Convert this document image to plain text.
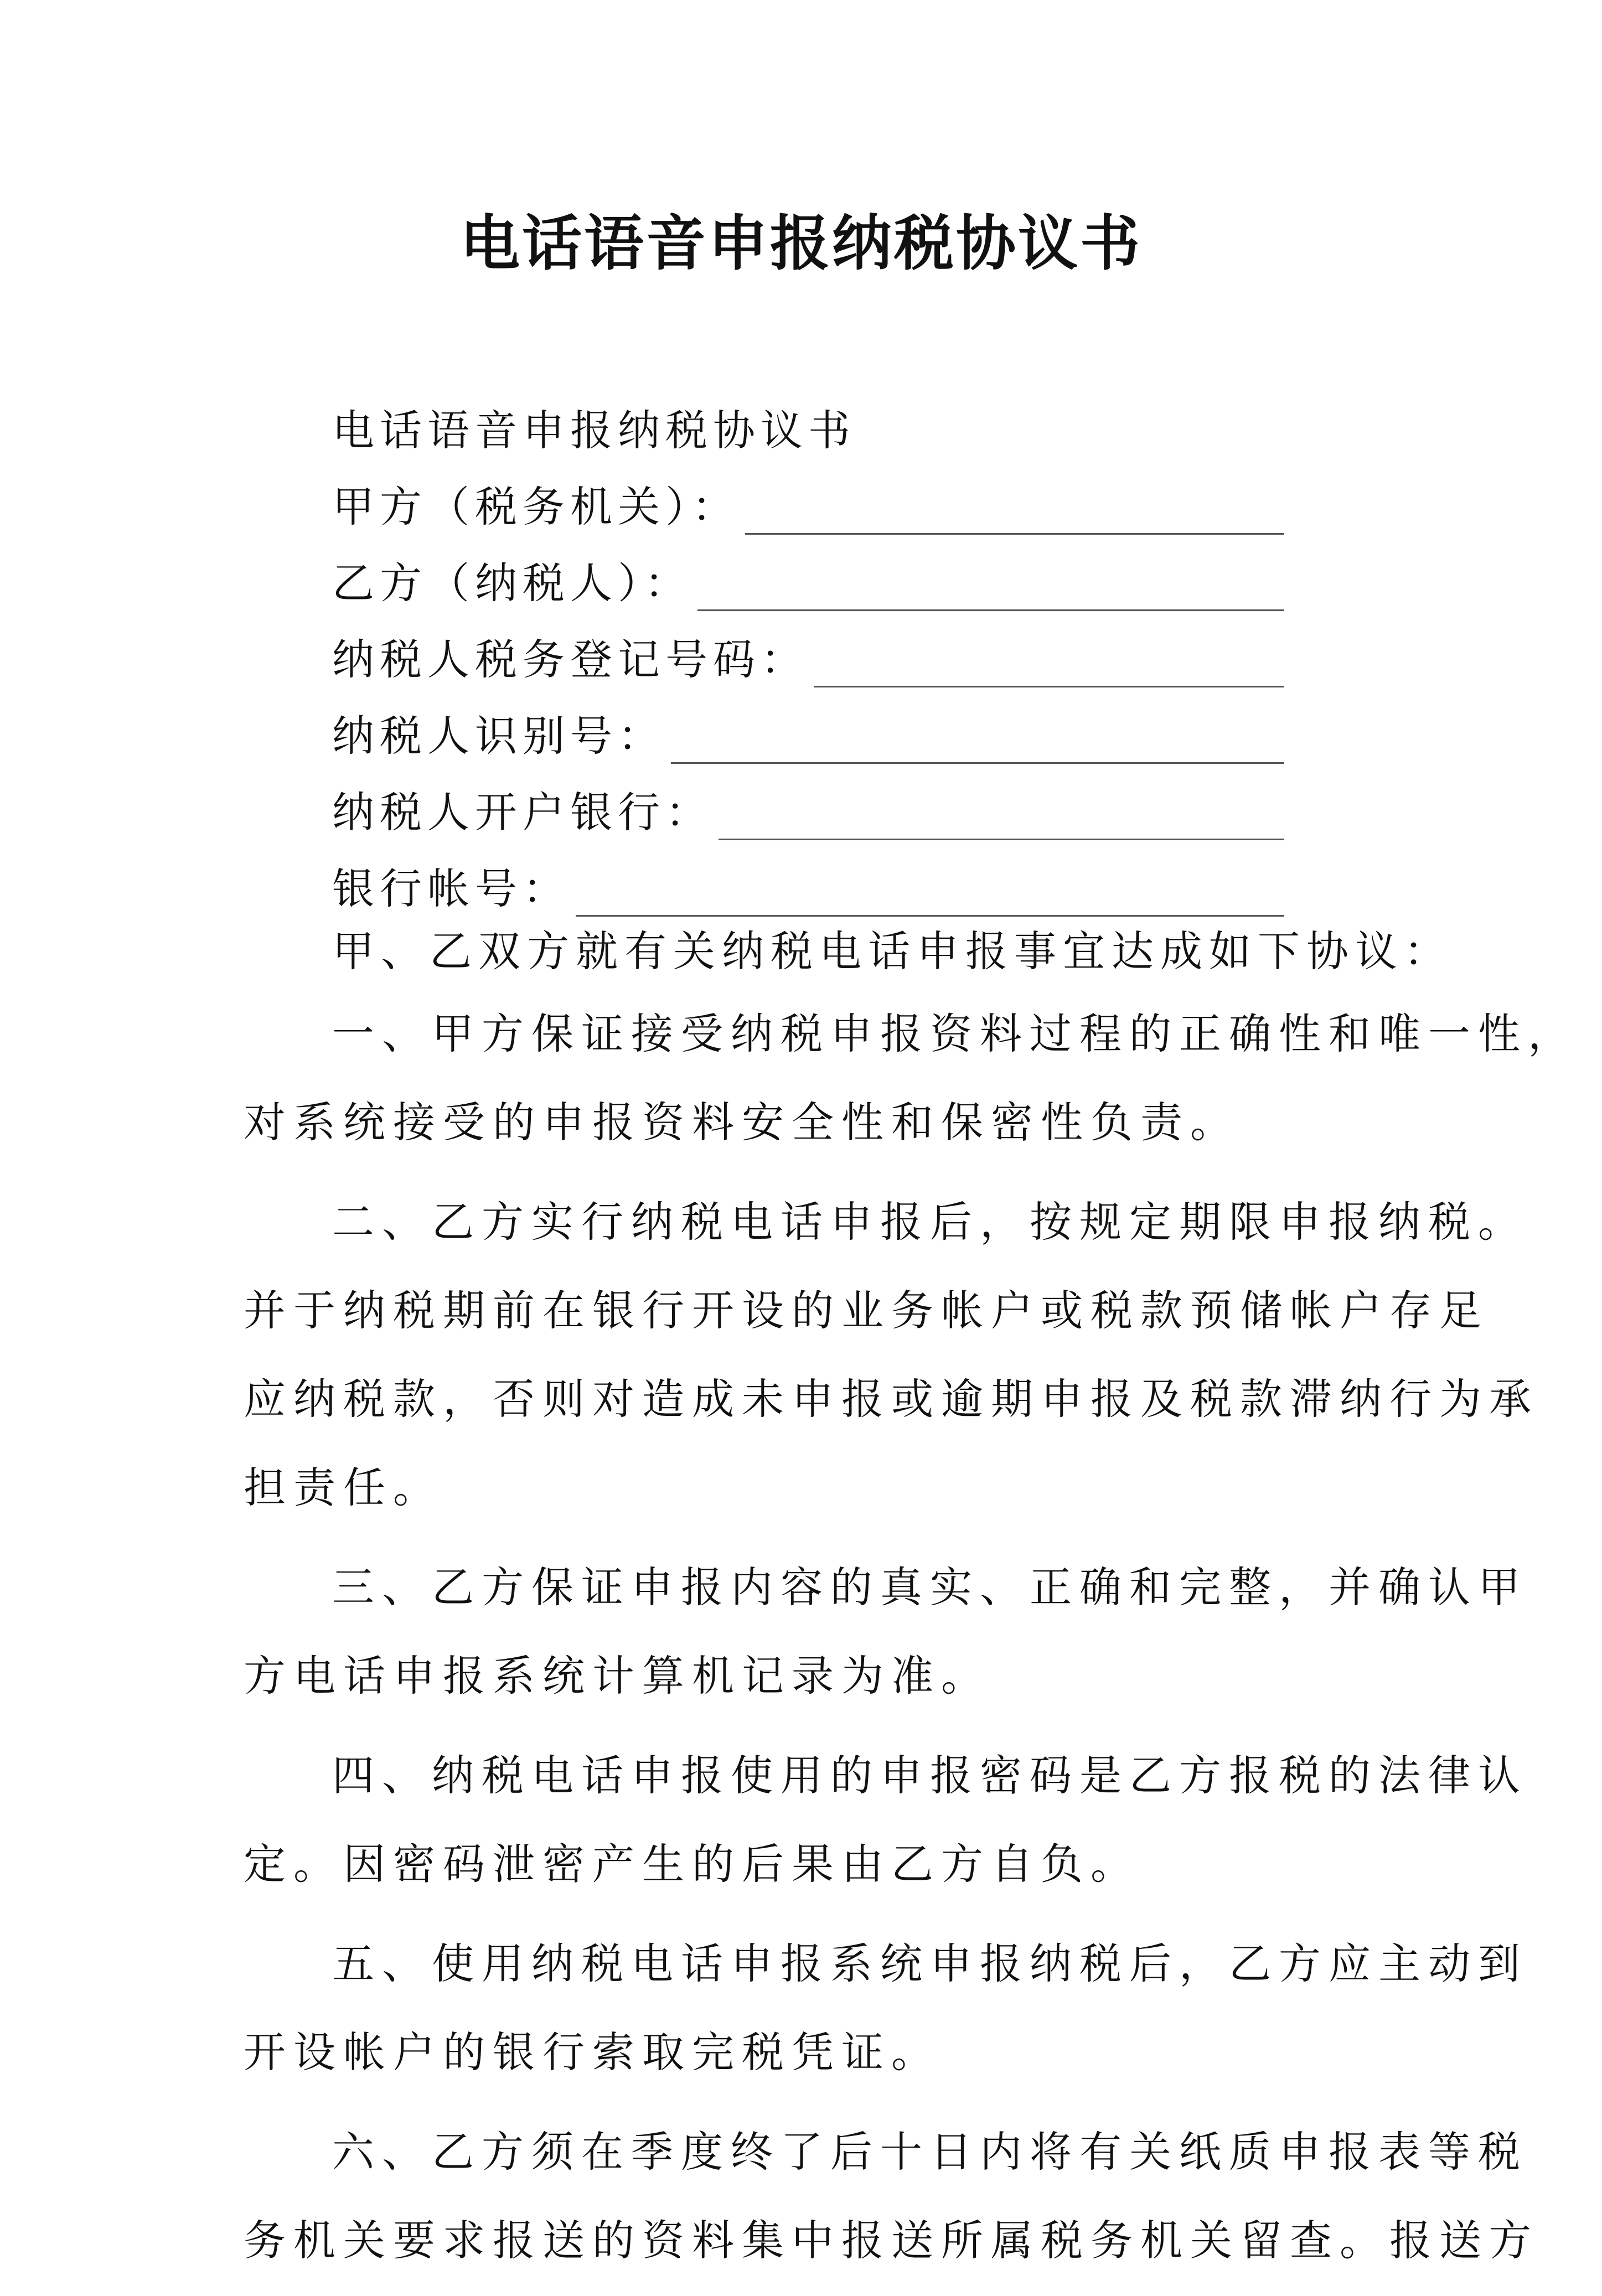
电话语音申报纳税协议书
电话语音申报纳税协议书
甲方（税务机关）：
乙方（纳税人）：
纳税人税务登记号码：
纳税人识别号：
纳税人开户银行：
银行帐号：
甲、乙双方就有关纳税电话申报事宜达成如下协议：
一、甲方保证接受纳税申报资料过程的正确性和唯一性，
对系统接受的申报资料安全性和保密性负责。
二、乙方实行纳税电话申报后，按规定期限申报纳税。
并于纳税期前在银行开设的业务帐户或税款预储帐户存足
应纳税款，否则对造成未申报或逾期申报及税款滞纳行为承
担责任。
三、乙方保证申报内容的真实、正确和完整，并确认甲
方电话申报系统计算机记录为准。
四、纳税电话申报使用的申报密码是乙方报税的法律认
定。因密码泄密产生的后果由乙方自负。
五、使用纳税电话申报系统申报纳税后，乙方应主动到
开设帐户的银行索取完税凭证。
六、乙方须在季度终了后十日内将有关纸质申报表等税
务机关要求报送的资料集中报送所属税务机关留查。报送方
